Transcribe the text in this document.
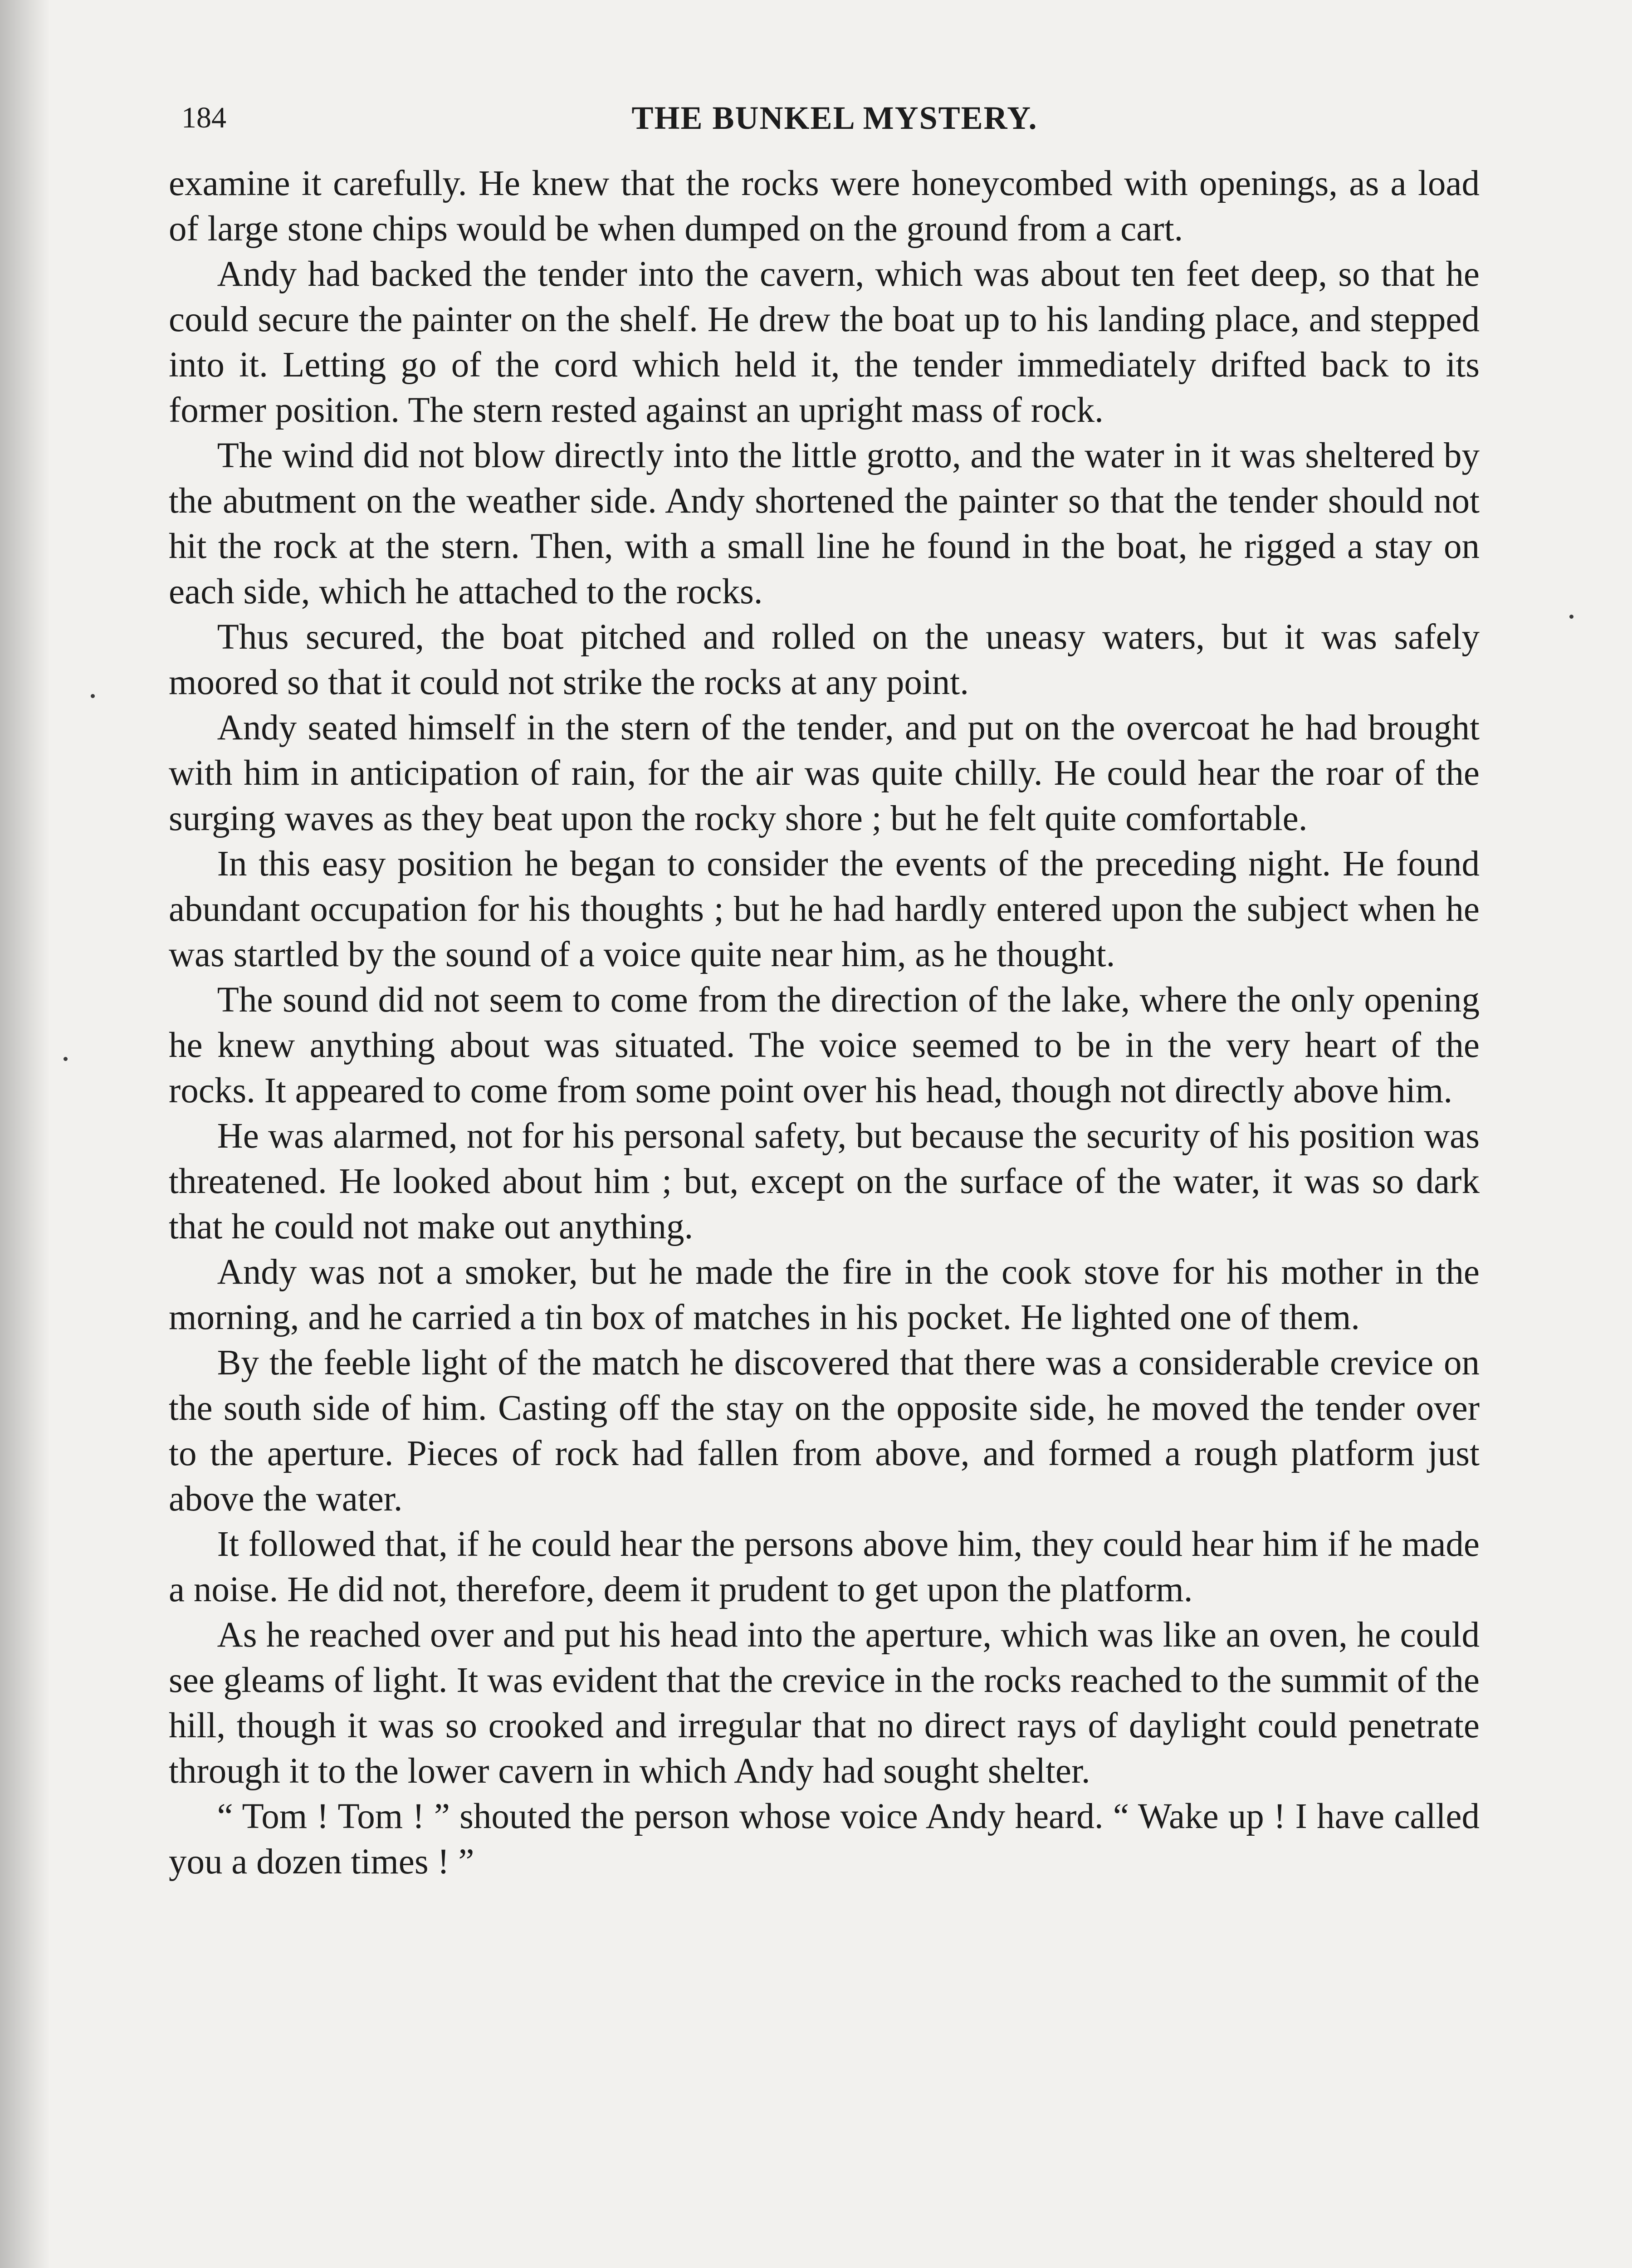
184	THE BUNKEL MYSTERY.

examine it carefully. He knew that the rocks were honeycombed with openings, as a load of large stone chips would be when dumped on the ground from a cart.

Andy had backed the tender into the cavern, which was about ten feet deep, so that he could secure the painter on the shelf. He drew the boat up to his landing place, and stepped into it. Letting go of the cord which held it, the tender immediately drifted back to its former position. The stern rested against an upright mass of rock.

The wind did not blow directly into the little grotto, and the water in it was sheltered by the abutment on the weather side. Andy shortened the painter so that the tender should not hit the rock at the stern. Then, with a small line he found in the boat, he rigged a stay on each side, which he attached to the rocks.

Thus secured, the boat pitched and rolled on the uneasy waters, but it was safely moored so that it could not strike the rocks at any point.

Andy seated himself in the stern of the tender, and put on the overcoat he had brought with him in anticipation of rain, for the air was quite chilly. He could hear the roar of the surging waves as they beat upon the rocky shore ; but he felt quite comfortable.

In this easy position he began to consider the events of the preceding night. He found abundant occupation for his thoughts ; but he had hardly entered upon the subject when he was startled by the sound of a voice quite near him, as he thought.

The sound did not seem to come from the direction of the lake, where the only opening he knew anything about was situated. The voice seemed to be in the very heart of the rocks. It appeared to come from some point over his head, though not directly above him.

He was alarmed, not for his personal safety, but because the security of his position was threatened. He looked about him ; but, except on the surface of the water, it was so dark that he could not make out anything.

Andy was not a smoker, but he made the fire in the cook stove for his mother in the morning, and he carried a tin box of matches in his pocket. He lighted one of them.

By the feeble light of the match he discovered that there was a considerable crevice on the south side of him. Casting off the stay on the opposite side, he moved the tender over to the aperture. Pieces of rock had fallen from above, and formed a rough platform just above the water.

It followed that, if he could hear the persons above him, they could hear him if he made a noise. He did not, therefore, deem it prudent to get upon the platform.

As he reached over and put his head into the aperture, which was like an oven, he could see gleams of light. It was evident that the crevice in the rocks reached to the summit of the hill, though it was so crooked and irregular that no direct rays of daylight could penetrate through it to the lower cavern in which Andy had sought shelter.

“ Tom ! Tom ! ” shouted the person whose voice Andy heard. “ Wake up ! I have called you a dozen times ! ”
